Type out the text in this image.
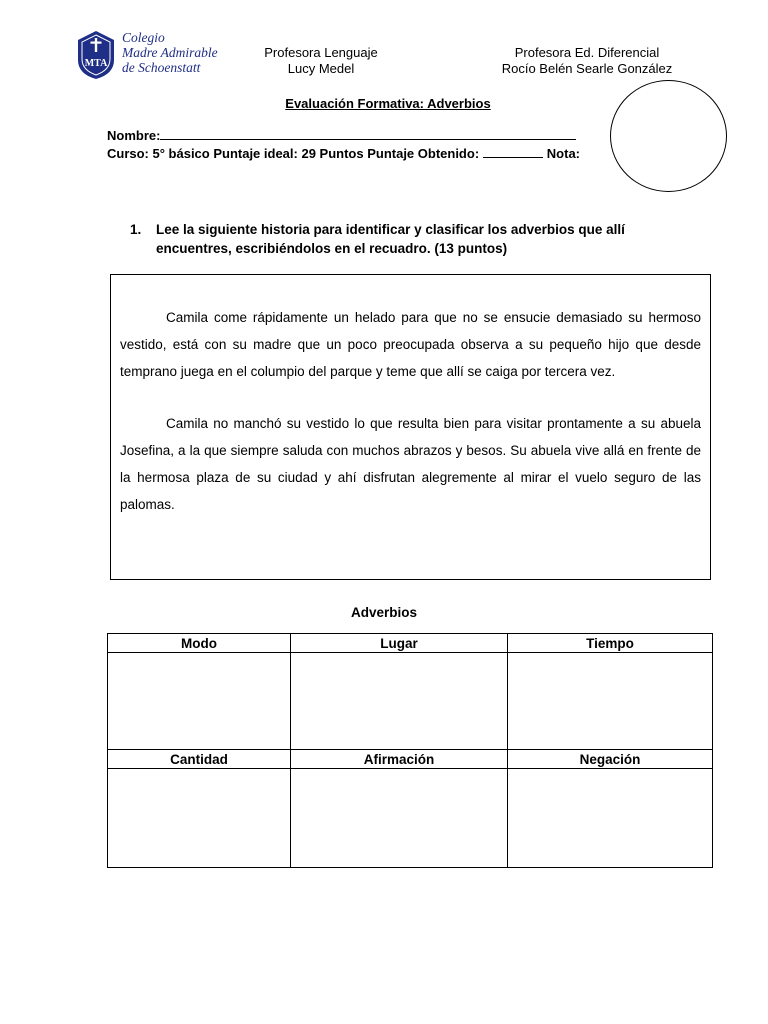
MTA
Colegio
Madre Admirable
de Schoenstatt
Profesora Lenguaje
Lucy Medel
Profesora Ed. Diferencial
Rocío Belén Searle González
Evaluación Formativa: Adverbios
Nombre:
Curso: 5° básico Puntaje ideal: 29 Puntos Puntaje Obtenido:	Nota:
1. Lee la siguiente historia para identificar y clasificar los adverbios que allí encuentres, escribiéndolos en el recuadro. (13 puntos)

Camila come rápidamente un helado para que no se ensucie demasiado su hermoso vestido, está con su madre que un poco preocupada observa a su pequeño hijo que desde temprano juega en el columpio del parque y teme que allí se caiga por tercera vez.

Camila no manchó su vestido lo que resulta bien para visitar prontamente a su abuela Josefina, a la que siempre saluda con muchos abrazos y besos. Su abuela vive allá en frente de la hermosa plaza de su ciudad y ahí disfrutan alegremente al mirar el vuelo seguro de las palomas.

Adverbios
Modo	Lugar	Tiempo

Cantidad	Afirmación	Negación
